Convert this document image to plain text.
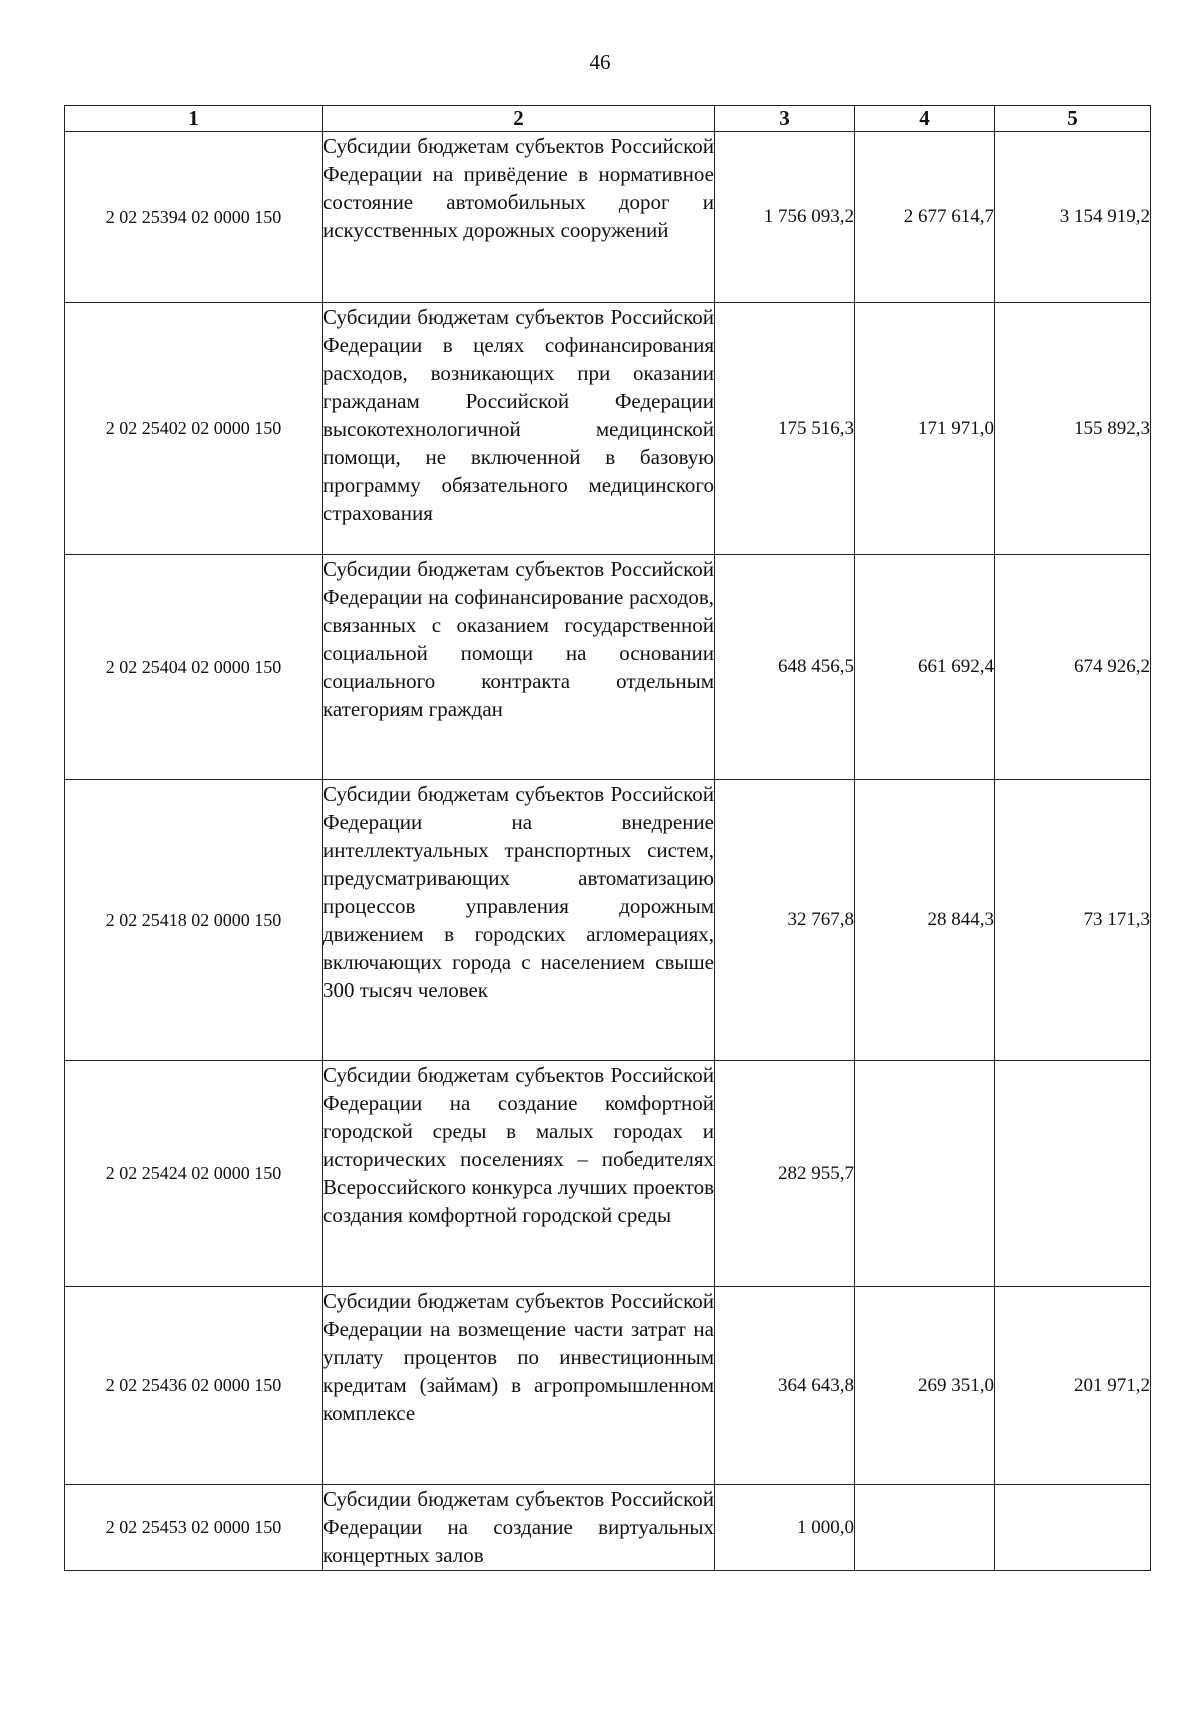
46
1	2	3	4	5
2 02 25394 02 0000 150	Субсидии бюджетам субъектов Российской Федерации на привёдение в нормативное состояние автомобильных дорог и искусственных дорожных сооружений	1 756 093,2	2 677 614,7	3 154 919,2
2 02 25402 02 0000 150	Субсидии бюджетам субъектов Российской Федерации в целях софинансирования расходов, возникающих при оказании гражданам Российской Федерации высокотехнологичной медицинской помощи, не включенной в базовую программу обязательного медицинского страхования	175 516,3	171 971,0	155 892,3
2 02 25404 02 0000 150	Субсидии бюджетам субъектов Российской Федерации на софинансирование расходов, связанных с оказанием государственной социальной помощи на основании социального контракта отдельным категориям граждан	648 456,5	661 692,4	674 926,2
2 02 25418 02 0000 150	Субсидии бюджетам субъектов Российской Федерации на внедрение интеллектуальных транспортных систем, предусматривающих автоматизацию процессов управления дорожным движением в городских агломерациях, включающих города с населением свыше 300 тысяч человек	32 767,8	28 844,3	73 171,3
2 02 25424 02 0000 150	Субсидии бюджетам субъектов Российской Федерации на создание комфортной городской среды в малых городах и исторических поселениях – победителях Всероссийского конкурса лучших проектов создания комфортной городской среды	282 955,7		
2 02 25436 02 0000 150	Субсидии бюджетам субъектов Российской Федерации на возмещение части затрат на уплату процентов по инвестиционным кредитам (займам) в агропромышленном комплексе	364 643,8	269 351,0	201 971,2
2 02 25453 02 0000 150	Субсидии бюджетам субъектов Российской Федерации на создание виртуальных концертных залов	1 000,0		
